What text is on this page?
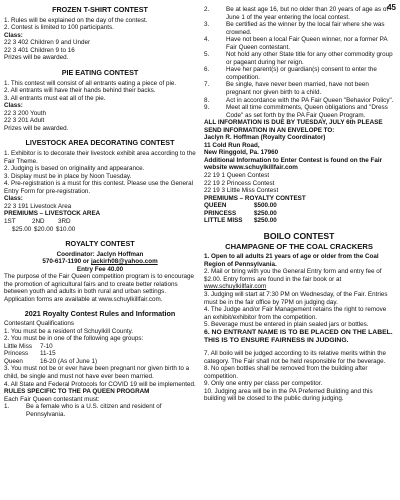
45
FROZEN T-SHIRT CONTEST
1. Rules will be explained on the day of the contest.
2. Contest is limited to 100 participants.
Class:
22 3 402 Children 9 and Under
22 3 401 Children 9 to 16
Prizes will be awarded.
PIE EATING CONTEST
1. This contest will consist of all entrants eating a piece of pie.
2. All entrants will have their hands behind their backs.
3. All entrants must eat all of the pie.
Class:
22 3 200 Youth
22 3 201 Adult
Prizes will be awarded.
LIVESTOCK AREA DECORATING CONTEST
1. Exhibitor is to decorate their livestock exhibit area according to the Fair Theme.
2. Judging is based on originality and appearance.
3. Display must be in place by Noon Tuesday.
4. Pre-registration is a must for this contest. Please use the General Entry Form for pre-registration.
Class:
22 3 191 Livestock Area
PREMIUMS – LIVESTOCK AREA
1ST	2ND	3RD
$25.00 $20.00 $10.00
ROYALTY CONTEST
Coordinator: Jaclyn Hoffman
570-617-1190 or jackirh08@yahoo.com
Entry Fee 40.00
The purpose of the Fair Queen competition program is to encourage the promotion of agricultural fairs and to create better relations between youth and adults in both rural and urban settings. Application forms are available at www.schuylkillfair.com.
2021 Royalty Contest Rules and Information
Contestant Qualifications
1. You must be a resident of Schuylkill County.
2. You must be in one of the following age groups:
Little Miss	7-10
Princess	11-15
Queen	16-20 (As of June 1)
3. You must not be or ever have been pregnant nor given birth to a child, be single and must not have ever been married.
4. All State and Federal Protocols for COVID 19 will be implemented.
RULES SPECIFIC TO THE PA QUEEN PROGRAM
Each Fair Queen contestant must:
1.	Be a female who is a U.S. citizen and resident of Pennsylvania.
2.	Be at least age 16, but no older than 20 years of age as of June 1 of the year entering the local contest.
3.	Be certified as the winner by the local fair where she was crowned.
4.	Have not been a local Fair Queen winner, nor a former PA Fair Queen contestant.
5.	Not hold any other State title for any other commodity group or pageant during her reign.
6.	Have her parent(s) or guardian(s) consent to enter the competition.
7.	Be single, have never been married, have not been pregnant nor given birth to a child.
8.	Act in accordance with the PA Fair Queen "Behavior Policy".
9.	Meet all time commitments, Queen obligations and "Dress Code" as set forth by the PA Fair Queen Program.
ALL INFORMATION IS DUE BY TUESDAY, JULY 6th PLEASE SEND INFORMATION IN AN ENVELOPE TO:
Jaclyn R. Hoffman (Royalty Coordinator)
11 Cold Run Road,
New Ringgold, Pa. 17960
Additional Information to Enter Contest is found on the Fair website www.schuylkillfair.com
22 19 1 Queen Contest
22 19 2 Princess Contest
22 19 3 Little Miss Contest
PREMIUMS – ROYALTY CONTEST
QUEEN	$500.00
PRINCESS	$250.00
LITTLE MISS	$250.00
BOILO CONTEST
CHAMPAGNE OF THE COAL CRACKERS
1. Open to all adults 21 years of age or older from the Coal Region of Pennsylvania.
2. Mail or bring with you the General Entry form and entry fee of $2.00. Entry forms are found in the fair book or at www.schuylkillfair.com
3. Judging will start at 7:30 PM on Wednesday, of the Fair. Entries must be in the fair office by 7PM on judging day.
4. The Judge and/or Fair Management retains the right to remove an exhibit/exhibitor from the competition.
5. Beverage must be entered in plain sealed jars or bottles.
6. NO ENTRANT NAME IS TO BE PLACED ON THE LABEL. THIS IS TO ENSURE FAIRNESS IN JUDGING.
7. All boilo will be judged according to its relative merits within the category. The Fair shall not be held responsible for the beverage.
8. No open bottles shall be removed from the building after competition.
9. Only one entry per class per competitor.
10. Judging area will be in the PA Preferred Building and this building will be closed to the public during judging.
